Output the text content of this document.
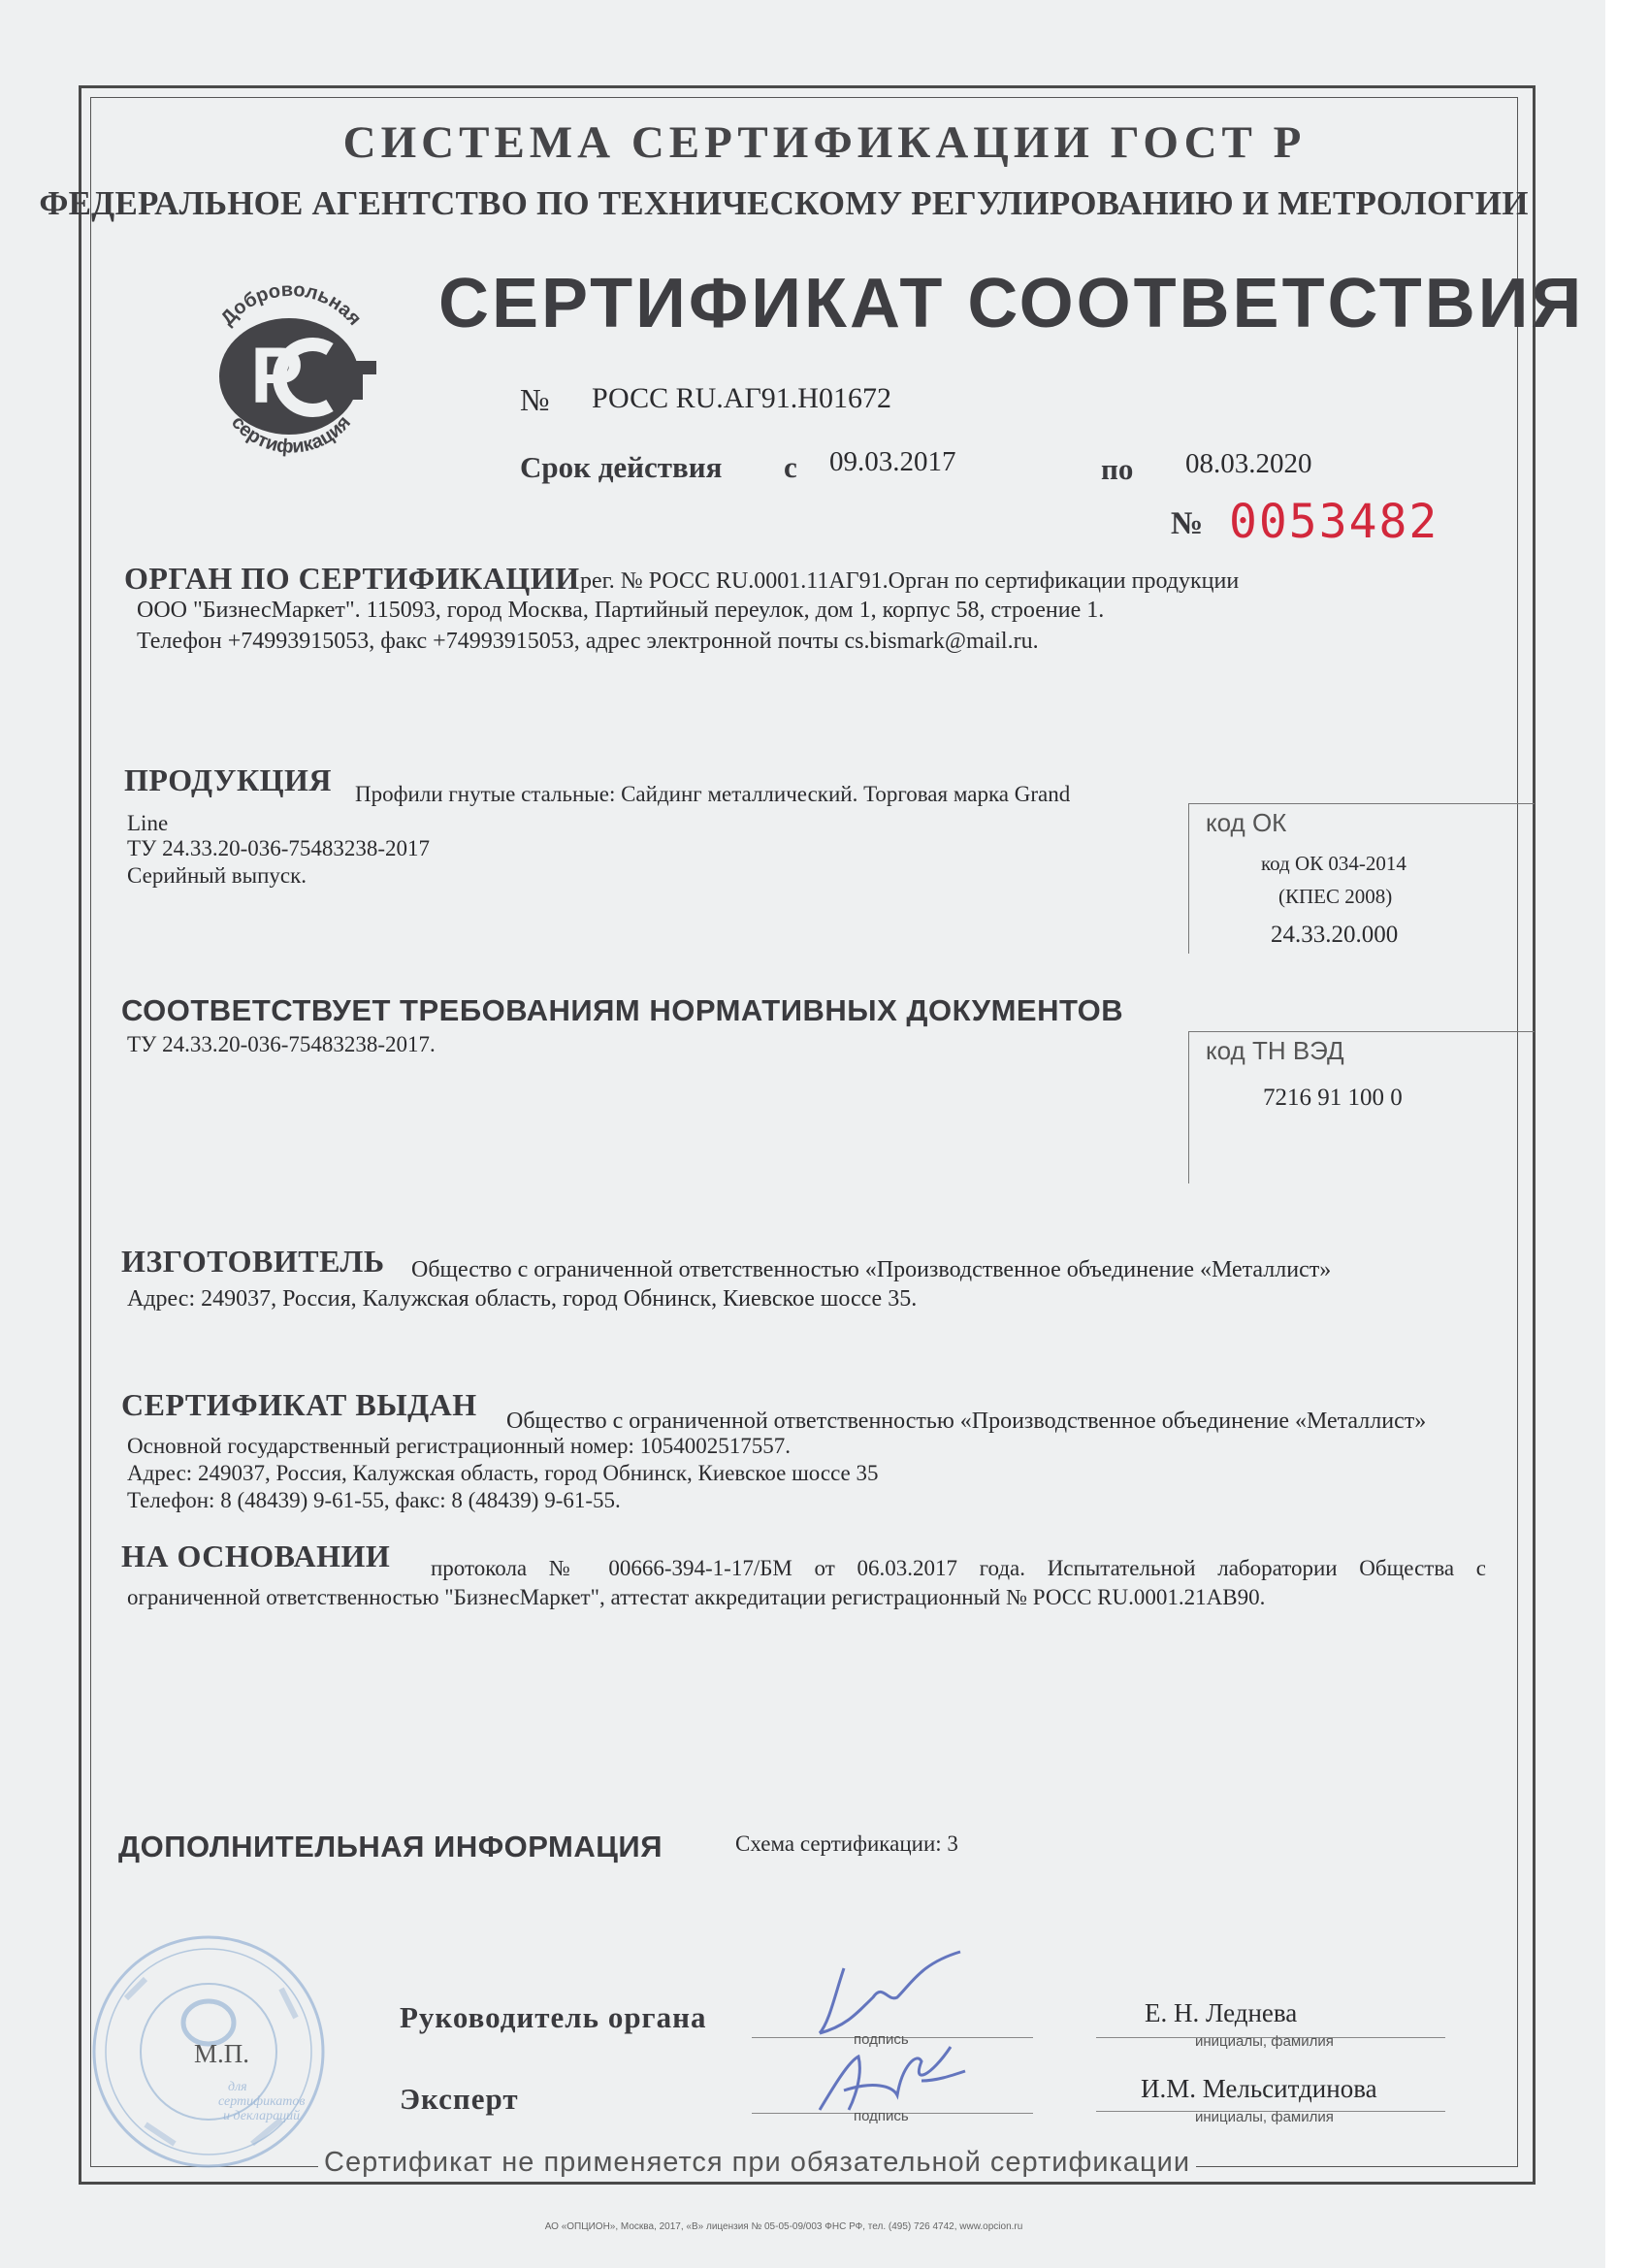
СИСТЕМА СЕРТИФИКАЦИИ ГОСТ Р
ФЕДЕРАЛЬНОЕ АГЕНТСТВО ПО ТЕХНИЧЕСКОМУ РЕГУЛИРОВАНИЮ И МЕТРОЛОГИИ
Р
Добровольная
сертификация
СЕРТИФИКАТ СООТВЕТСТВИЯ
№ РОСС RU.АГ91.Н01672
Срок действия с 09.03.2017	по 08.03.2020
№ 0053482
ОРГАН ПО СЕРТИФИКАЦИИ рег. № РОСС RU.0001.11АГ91.Орган по сертификации продукции
ООО "БизнесМаркет". 115093, город Москва, Партийный переулок, дом 1, корпус 58, строение 1.
Телефон +74993915053, факс +74993915053, адрес электронной почты cs.bismark@mail.ru.
ПРОДУКЦИЯ Профили гнутые стальные: Сайдинг металлический. Торговая марка Grand
Line
ТУ 24.33.20-036-75483238-2017
Серийный выпуск.
код ОК
код ОК 034-2014
(КПЕС 2008)
24.33.20.000
СООТВЕТСТВУЕТ ТРЕБОВАНИЯМ НОРМАТИВНЫХ ДОКУМЕНТОВ
ТУ 24.33.20-036-75483238-2017.	код ТН ВЭД
7216 91 100 0
ИЗГОТОВИТЕЛЬ Общество с ограниченной ответственностью «Производственное объединение «Металлист»
Адрес: 249037, Россия, Калужская область, город Обнинск, Киевское шоссе 35.
СЕРТИФИКАТ ВЫДАН Общество с ограниченной ответственностью «Производственное объединение «Металлист»
Основной государственный регистрационный номер: 1054002517557.
Адрес: 249037, Россия, Калужская область, город Обнинск, Киевское шоссе 35
Телефон: 8 (48439) 9-61-55, факс: 8 (48439) 9-61-55.
НА ОСНОВАНИИ протокола № 00666-394-1-17/БМ от 06.03.2017 года. Испытательной лаборатории Общества с
ограниченной ответственностью "БизнесМаркет", аттестат аккредитации регистрационный № РОСС RU.0001.21АВ90.
ДОПОЛНИТЕЛЬНАЯ ИНФОРМАЦИЯ	Схема сертификации: 3
для
сертификатов
и деклараций
М.П.
Руководитель органа
подпись
Е. Н. Леднева
инициалы, фамилия
Эксперт
подпись
И.М. Мельситдинова
инициалы, фамилия
Сертификат не применяется при обязательной сертификации
АО «ОПЦИОН», Москва, 2017, «В» лицензия № 05-05-09/003 ФНС РФ, тел. (495) 726 4742, www.opcion.ru
